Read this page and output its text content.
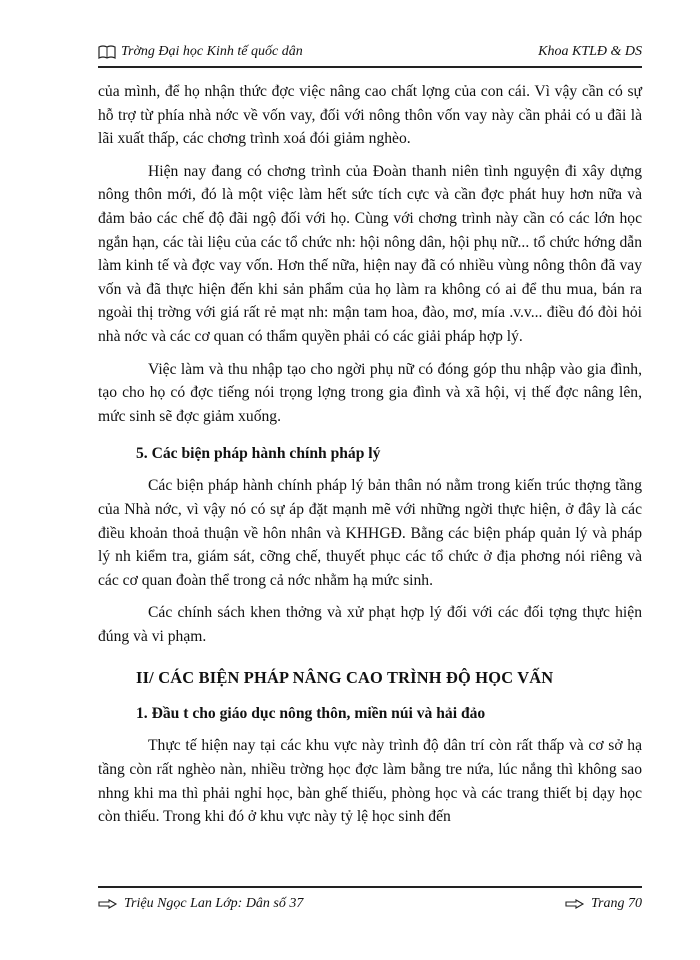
Trờng Đại học Kinh tế quốc dân	Khoa KTLĐ & DS

của mình, để họ nhận thức đợc việc nâng cao chất lợng của con cái. Vì vậy cần có sự hỗ trợ từ phía nhà nớc về vốn vay, đối với nông thôn vốn vay này cần phải có u đãi là lãi xuất thấp, các chơng trình xoá đói giảm nghèo.

Hiện nay đang có chơng trình của Đoàn thanh niên tình nguyện đi xây dựng nông thôn mới, đó là một việc làm hết sức tích cực và cần đợc phát huy hơn nữa và đảm bảo các chế độ đãi ngộ đối với họ. Cùng với chơng trình này cần có các lớn học ngắn hạn, các tài liệu của các tổ chức nh: hội nông dân, hội phụ nữ... tổ chức hớng dẫn làm kinh tế và đợc vay vốn. Hơn thế nữa, hiện nay đã có nhiều vùng nông thôn đã vay vốn và đã thực hiện đến khi sản phẩm của họ làm ra không có ai để thu mua, bán ra ngoài thị trờng với giá rất rẻ mạt nh: mận tam hoa, đào, mơ, mía .v.v... điều đó đòi hỏi nhà nớc và các cơ quan có thẩm quyền phải có các giải pháp hợp lý.

Việc làm và thu nhập tạo cho ngời phụ nữ có đóng góp thu nhập vào gia đình, tạo cho họ có đợc tiếng nói trọng lợng trong gia đình và xã hội, vị thế đợc nâng lên, mức sinh sẽ đợc giảm xuống.

5. Các biện pháp hành chính pháp lý

Các biện pháp hành chính pháp lý bản thân nó nằm trong kiến trúc thợng tầng của Nhà nớc, vì vậy nó có sự áp đặt mạnh mẽ với những ngời thực hiện, ở đây là các điều khoản thoả thuận về hôn nhân và KHHGĐ. Bằng các biện pháp quản lý và pháp lý nh kiểm tra, giám sát, cỡng chế, thuyết phục các tổ chức ở địa phơng nói riêng và các cơ quan đoàn thể trong cả nớc nhằm hạ mức sinh.

Các chính sách khen thởng và xử phạt hợp lý đối với các đối tợng thực hiện đúng và vi phạm.

II/ CÁC BIỆN PHÁP NÂNG CAO TRÌNH ĐỘ HỌC VẤN
1. Đầu t cho giáo dục nông thôn, miền núi và hải đảo

Thực tế hiện nay tại các khu vực này trình độ dân trí còn rất thấp và cơ sở hạ tầng còn rất nghèo nàn, nhiều trờng học đợc làm bằng tre nứa, lúc nắng thì không sao nhng khi ma thì phải nghỉ học, bàn ghế thiếu, phòng học và các trang thiết bị dạy học còn thiếu. Trong khi đó ở khu vực này tỷ lệ học sinh đến

Triệu Ngọc Lan Lớp: Dân số 37	Trang 70
